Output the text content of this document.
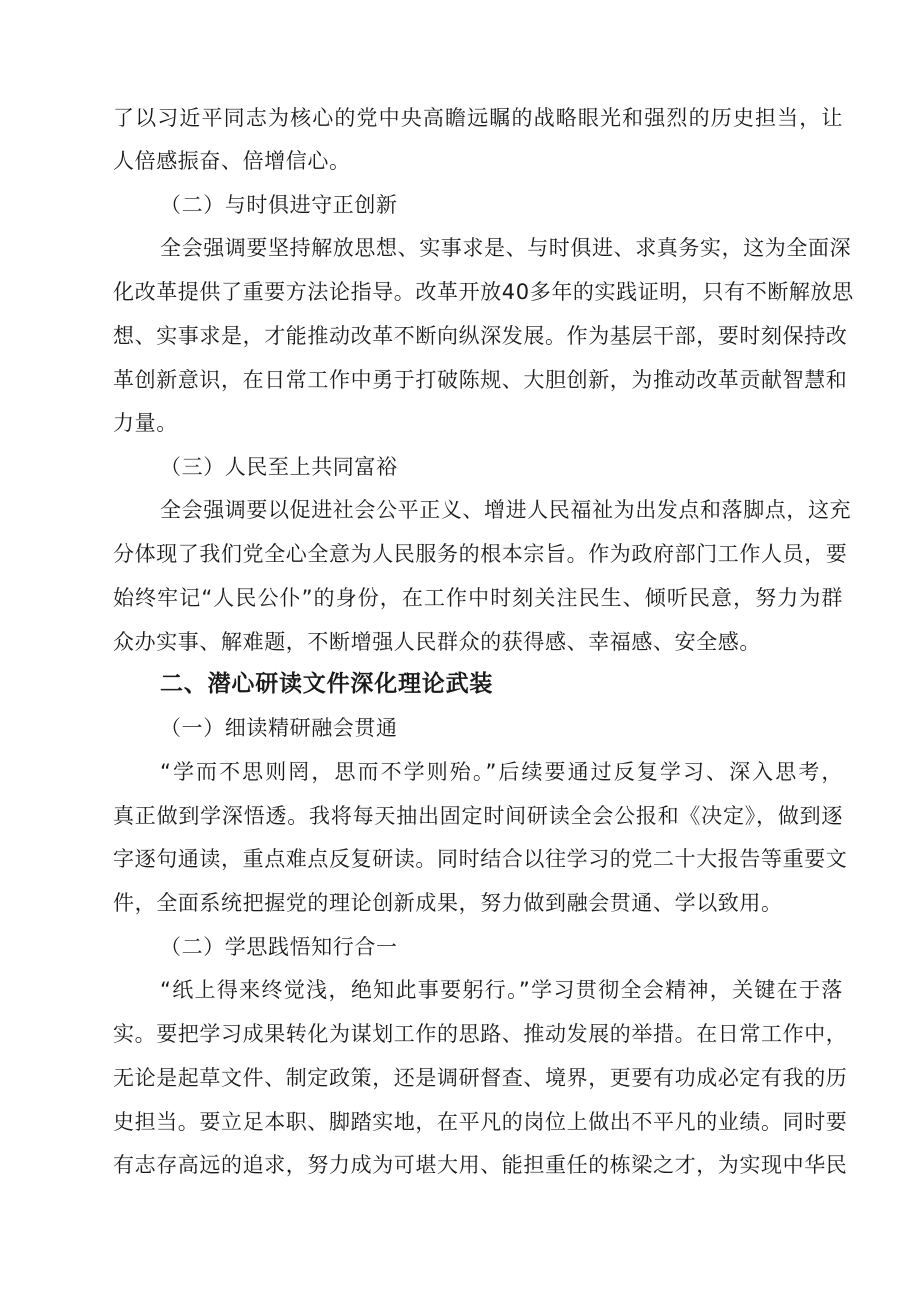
了以习近平同志为核心的党中央高瞻远瞩的战略眼光和强烈的历史担当，让
人倍感振奋、倍增信心。
（二）与时俱进守正创新
全会强调要坚持解放思想、实事求是、与时俱进、求真务实，这为全面深
化改革提供了重要方法论指导。改革开放40多年的实践证明，只有不断解放思
想、实事求是，才能推动改革不断向纵深发展。作为基层干部，要时刻保持改
革创新意识，在日常工作中勇于打破陈规、大胆创新，为推动改革贡献智慧和
力量。
（三）人民至上共同富裕
全会强调要以促进社会公平正义、增进人民福祉为出发点和落脚点，这充
分体现了我们党全心全意为人民服务的根本宗旨。作为政府部门工作人员，要
始终牢记“人民公仆”的身份，在工作中时刻关注民生、倾听民意，努力为群
众办实事、解难题，不断增强人民群众的获得感、幸福感、安全感。
二、潜心研读文件深化理论武装
（一）细读精研融会贯通
“学而不思则罔，思而不学则殆。”后续要通过反复学习、深入思考，
真正做到学深悟透。我将每天抽出固定时间研读全会公报和《决定》，做到逐
字逐句通读，重点难点反复研读。同时结合以往学习的党二十大报告等重要文
件，全面系统把握党的理论创新成果，努力做到融会贯通、学以致用。
（二）学思践悟知行合一
“纸上得来终觉浅，绝知此事要躬行。”学习贯彻全会精神，关键在于落
实。要把学习成果转化为谋划工作的思路、推动发展的举措。在日常工作中，
无论是起草文件、制定政策，还是调研督查、境界，更要有功成必定有我的历
史担当。要立足本职、脚踏实地，在平凡的岗位上做出不平凡的业绩。同时要
有志存高远的追求，努力成为可堪大用、能担重任的栋梁之才，为实现中华民
